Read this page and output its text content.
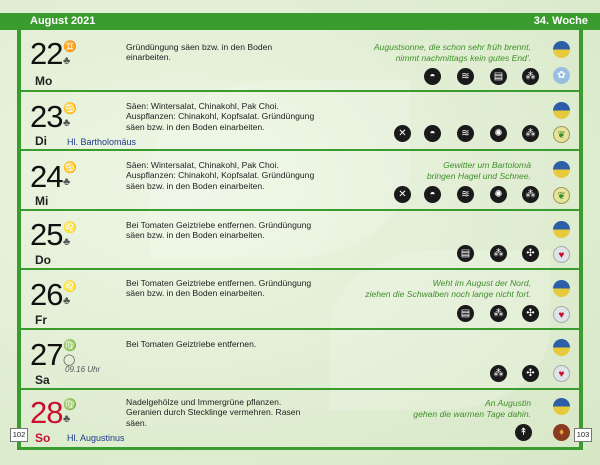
August 2021	34. Woche
22
Mo
♊
♣
Gründüngung säen bzw. in den Boden einarbeiten.
Augustsonne, die schon sehr früh brennt,
nimmt nachmittags kein gutes End'.
◓	≋	▤	⁂	✿
23
Di Hl. Bartholomäus
♋
♣
Säen: Wintersalat, Chinakohl, Pak Choi. Auspflanzen: Chinakohl, Kopfsalat. Gründüngung säen bzw. in den Boden einarbeiten.
✕	◓	≋	✺	⁂	❦
24
Mi
♋
♣
Säen: Wintersalat, Chinakohl, Pak Choi. Auspflanzen: Chinakohl, Kopfsalat. Gründüngung säen bzw. in den Boden einarbeiten.
Gewitter um Bartolomä
bringen Hagel und Schnee.
✕	◓	≋	✺	⁂	❦
25
Do
♌
♣
Bei Tomaten Geiztriebe entfernen. Gründüngung säen bzw. in den Boden einarbeiten.
▤	⁂	✣	♥
26
Fr
♌
♣
Bei Tomaten Geiztriebe entfernen. Gründüngung säen bzw. in den Boden einarbeiten.
Weht im August der Nord,
ziehen die Schwalben noch lange nicht fort.
▤	⁂	✣	♥
27
Sa
♍
◯
09.16 Uhr
Bei Tomaten Geiztriebe entfernen.
⁂	✣	♥
28
So Hl. Augustinus
♍
♣
Nadelgehölze und Immergrüne pflanzen. Geranien durch Stecklinge vermehren. Rasen säen.
An Augustin
gehen die warmen Tage dahin.
↟	♦
102	103
